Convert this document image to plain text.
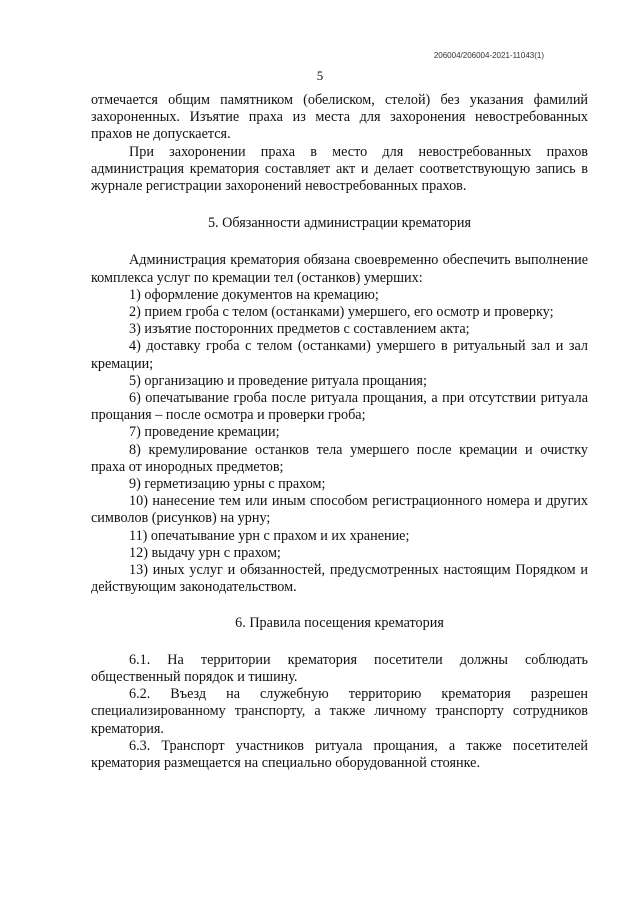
206004/206004-2021-11043(1)
5

отмечается общим памятником (обелиском, стелой) без указания фамилий захороненных. Изъятие праха из места для захоронения невостребованных прахов не допускается.

При захоронении праха в место для невостребованных прахов администрация крематория составляет акт и делает соответствующую запись в журнале регистрации захоронений невостребованных прахов.

5. Обязанности администрации крематория

Администрация крематория обязана своевременно обеспечить выполнение комплекса услуг по кремации тел (останков) умерших:

1) оформление документов на кремацию;

2) прием гроба с телом (останками) умершего, его осмотр и проверку;

3) изъятие посторонних предметов с составлением акта;

4) доставку гроба с телом (останками) умершего в ритуальный зал и зал кремации;

5) организацию и проведение ритуала прощания;

6) опечатывание гроба после ритуала прощания, а при отсутствии ритуала прощания – после осмотра и проверки гроба;

7) проведение кремации;

8) кремулирование останков тела умершего после кремации и очистку праха от инородных предметов;

9) герметизацию урны с прахом;

10) нанесение тем или иным способом регистрационного номера и других символов (рисунков) на урну;

11) опечатывание урн с прахом и их хранение;

12) выдачу урн с прахом;

13) иных услуг и обязанностей, предусмотренных настоящим Порядком и действующим законодательством.

6. Правила посещения крематория

6.1. На территории крематория посетители должны соблюдать общественный порядок и тишину.

6.2. Въезд на служебную территорию крематория разрешен специализированному транспорту, а также личному транспорту сотрудников крематория.

6.3. Транспорт участников ритуала прощания, а также посетителей крематория размещается на специально оборудованной стоянке.
